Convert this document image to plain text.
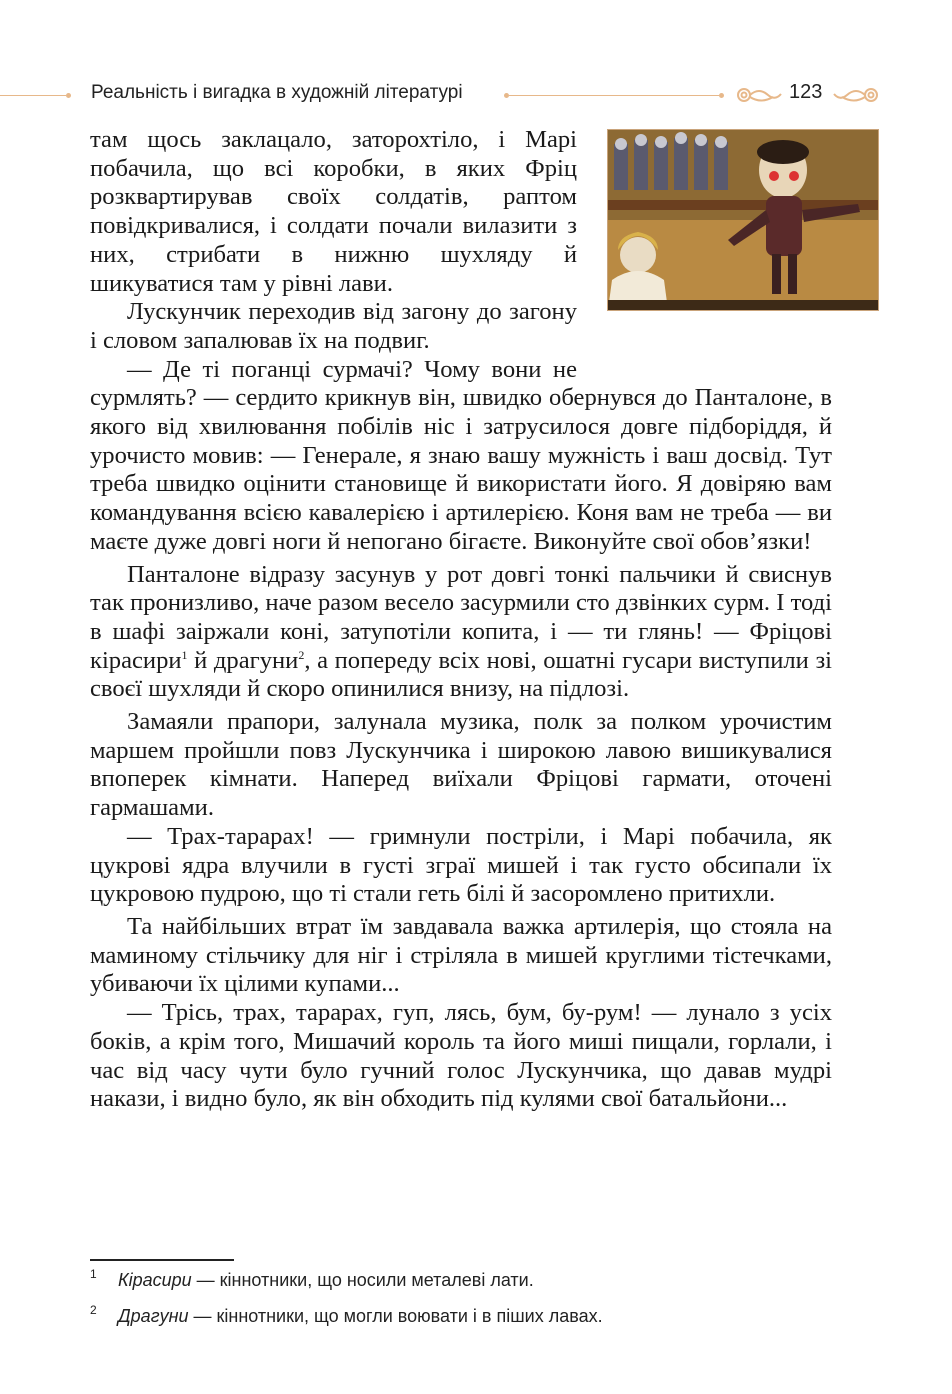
Реальність і вигадка в художній літературі	123

там щось заклацало, заторохтіло, і Марі побачила, що всі коробки, в яких Фріц розквартирував своїх солдатів, раптом повідкривалися, і солдати почали вилазити з них, стрибати в нижню шухляду й шикуватися там у рівні лави.

Лускунчик переходив від загону до загону і словом запалював їх на подвиг.

— Де ті поганці сурмачі? Чому вони не сурмлять? — сердито крикнув він, швидко обернувся до Панталоне, в якого від хвилювання побілів ніс і затрусилося довге підборіддя, й урочисто мовив: — Генерале, я знаю вашу мужність і ваш досвід. Тут треба швидко оцінити становище й використати його. Я довіряю вам командування всією кавалерією і артилерією. Коня вам не треба — ви маєте дуже довгі ноги й непогано бігаєте. Виконуйте свої обов’язки!

Панталоне відразу засунув у рот довгі тонкі пальчики й свиснув так пронизливо, наче разом весело засурмили сто дзвінких сурм. І тоді в шафі заіржали коні, затупотіли копита, і — ти глянь! — Фріцові кірасири$^1$ й драгуни$^2$, а попереду всіх нові, ошатні гусари виступили зі своєї шухляди й скоро опинилися внизу, на підлозі.

Замаяли прапори, залунала музика, полк за полком урочистим маршем пройшли повз Лускунчика і широкою лавою вишикувалися впоперек кімнати. Наперед виїхали Фріцові гармати, оточені гармашами.

— Трах-тарарах! — гримнули постріли, і Марі побачила, як цукрові ядра влучили в густі зграї мишей і так густо обсипали їх цукровою пудрою, що ті стали геть білі й засоромлено притихли.

Та найбільших втрат їм завдавала важка артилерія, що стояла на маминому стільчику для ніг і стріляла в мишей круглими тістечками, убиваючи їх цілими купами...

— Трісь, трах, тарарах, гуп, лясь, бум, бу-рум! — лунало з усіх боків, а крім того, Мишачий король та його миші пищали, горлали, і час від часу чути було гучний голос Лускунчика, що давав мудрі накази, і видно було, як він обходить під кулями свої батальйони...

1 Кірасири — кіннотники, що носили металеві лати.
2 Драгуни — кіннотники, що могли воювати і в піших лавах.
